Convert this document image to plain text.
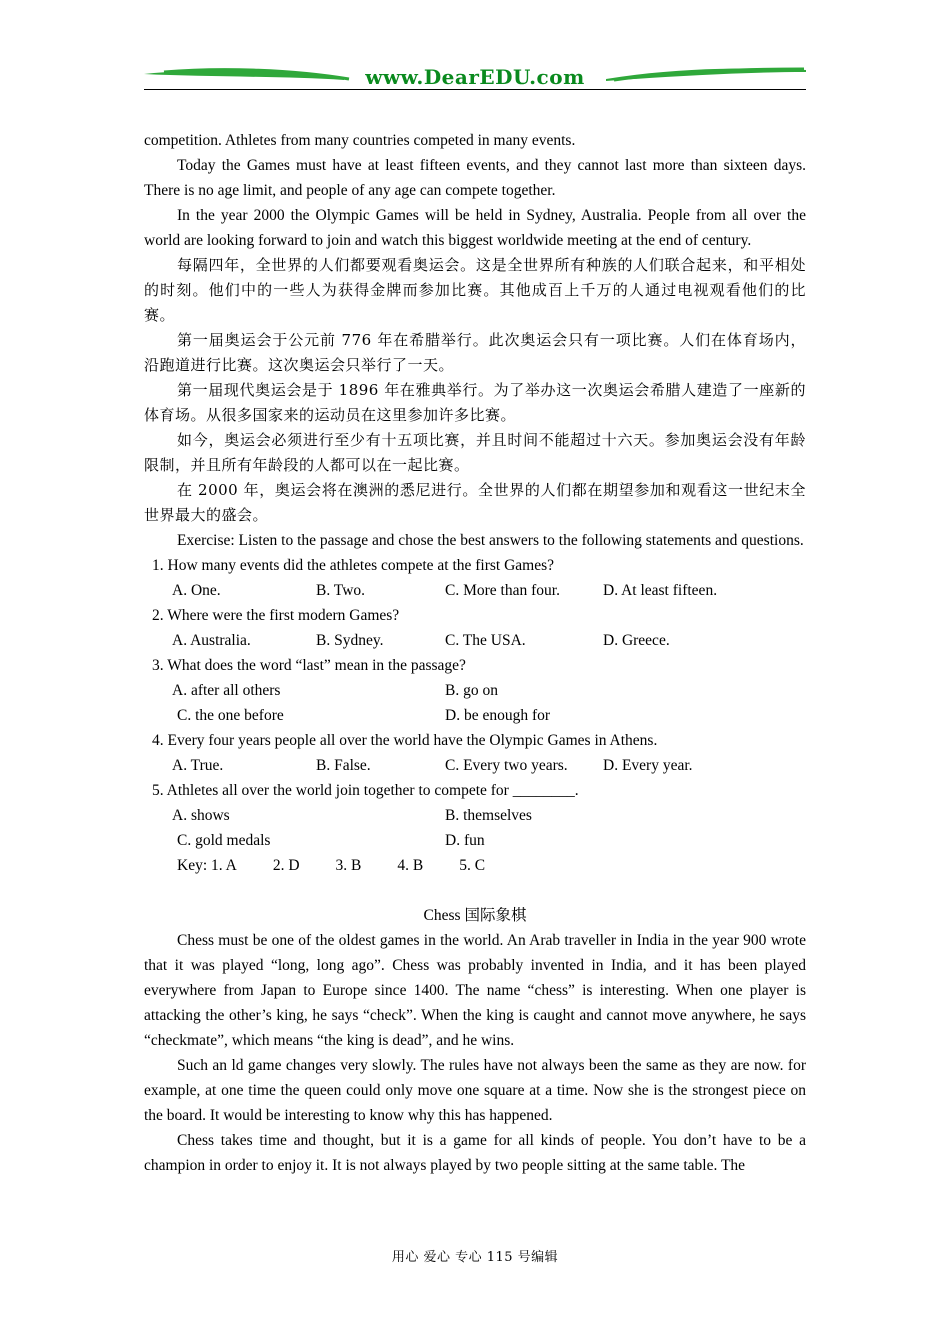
www.DearEDU.com

competition. Athletes from many countries competed in many events.

Today the Games must have at least fifteen events, and they cannot last more than sixteen days. There is no age limit, and people of any age can compete together.

In the year 2000 the Olympic Games will be held in Sydney, Australia. People from all over the world are looking forward to join and watch this biggest worldwide meeting at the end of century.

每隔四年，全世界的人们都要观看奥运会。这是全世界所有种族的人们联合起来，和平相处的时刻。他们中的一些人为获得金牌而参加比赛。其他成百上千万的人通过电视观看他们的比赛。

第一届奥运会于公元前 776 年在希腊举行。此次奥运会只有一项比赛。人们在体育场内，沿跑道进行比赛。这次奥运会只举行了一天。

第一届现代奥运会是于 1896 年在雅典举行。为了举办这一次奥运会希腊人建造了一座新的体育场。从很多国家来的运动员在这里参加许多比赛。

如今，奥运会必须进行至少有十五项比赛，并且时间不能超过十六天。参加奥运会没有年龄限制，并且所有年龄段的人都可以在一起比赛。

在 2000 年，奥运会将在澳洲的悉尼进行。全世界的人们都在期望参加和观看这一世纪末全世界最大的盛会。

Exercise: Listen to the passage and chose the best answers to the following statements and questions.

1. How many events did the athletes compete at the first Games?
A. One.	B. Two.	C. More than four.	D. At least fifteen.
2. Where were the first modern Games?
A. Australia.	B. Sydney.	C. The USA.	D. Greece.
3. What does the word “last” mean in the passage?
A. after all others	B. go on
C. the one before	D. be enough for
4. Every four years people all over the world have the Olympic Games in Athens.
A. True.	B. False.	C. Every two years.	D. Every year.
5. Athletes all over the world join together to compete for ________.
A. shows	B. themselves
C. gold medals	D. fun
Key: 1. A 2. D 3. B 4. B 5. C
Chess 国际象棋

Chess must be one of the oldest games in the world. An Arab traveller in India in the year 900 wrote that it was played “long, long ago”. Chess was probably invented in India, and it has been played everywhere from Japan to Europe since 1400. The name “chess” is interesting. When one player is attacking the other’s king, he says “check”. When the king is caught and cannot move anywhere, he says “checkmate”, which means “the king is dead”, and he wins.

Such an ld game changes very slowly. The rules have not always been the same as they are now. for example, at one time the queen could only move one square at a time. Now she is the strongest piece on the board. It would be interesting to know why this has happened.

Chess takes time and thought, but it is a game for all kinds of people. You don’t have to be a champion in order to enjoy it. It is not always played by two people sitting at the same table. The

用心 爱心 专心 115 号编辑
